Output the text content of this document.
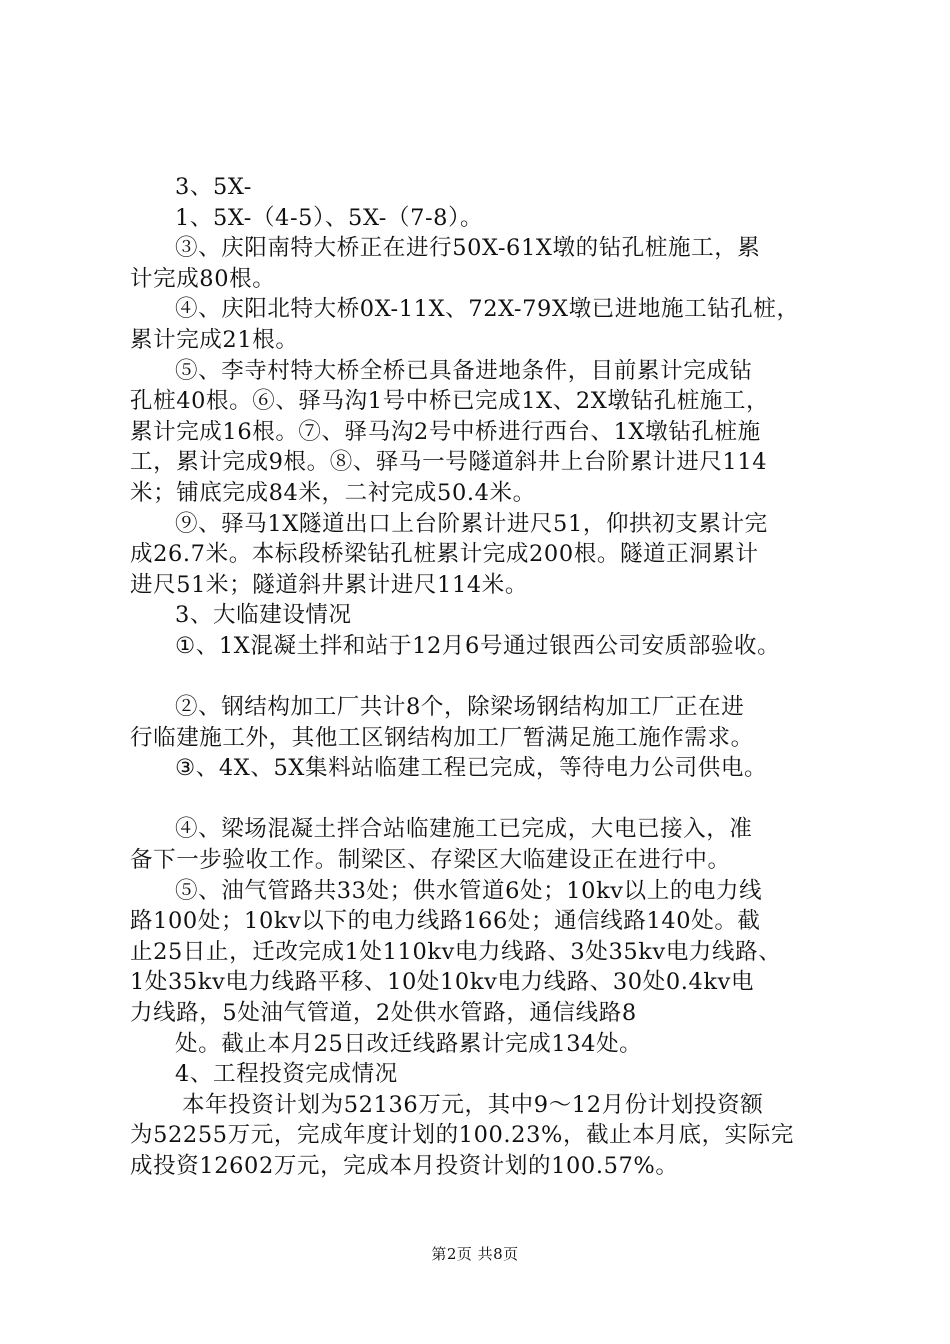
3、5X-
1、5X-（4-5）、5X-（7-8）。
③、庆阳南特大桥正在进行50X-61X墩的钻孔桩施工，累
计完成80根。
④、庆阳北特大桥0X-11X、72X-79X墩已进地施工钻孔桩，
累计完成21根。
⑤、李寺村特大桥全桥已具备进地条件，目前累计完成钻
孔桩40根。⑥、驿马沟1号中桥已完成1X、2X墩钻孔桩施工，
累计完成16根。⑦、驿马沟2号中桥进行西台、1X墩钻孔桩施
工，累计完成9根。⑧、驿马一号隧道斜井上台阶累计进尺114
米；铺底完成84米，二衬完成50.4米。
⑨、驿马1X隧道出口上台阶累计进尺51，仰拱初支累计完
成26.7米。本标段桥梁钻孔桩累计完成200根。隧道正洞累计
进尺51米；隧道斜井累计进尺114米。
3、大临建设情况
①、1X混凝土拌和站于12月6号通过银西公司安质部验收。
②、钢结构加工厂共计8个，除梁场钢结构加工厂正在进
行临建施工外，其他工区钢结构加工厂暂满足施工施作需求。
③、4X、5X集料站临建工程已完成，等待电力公司供电。
④、梁场混凝土拌合站临建施工已完成，大电已接入，准
备下一步验收工作。制梁区、存梁区大临建设正在进行中。
⑤、油气管路共33处；供水管道6处；10kv以上的电力线
路100处；10kv以下的电力线路166处；通信线路140处。截
止25日止，迁改完成1处110kv电力线路、3处35kv电力线路、
1处35kv电力线路平移、10处10kv电力线路、30处0.4kv电
力线路，5处油气管道，2处供水管路，通信线路8
处。截止本月25日改迁线路累计完成134处。
4、工程投资完成情况
本年投资计划为52136万元，其中9～12月份计划投资额
为52255万元，完成年度计划的100.23%，截止本月底，实际完
成投资12602万元，完成本月投资计划的100.57%。
第2页 共8页
